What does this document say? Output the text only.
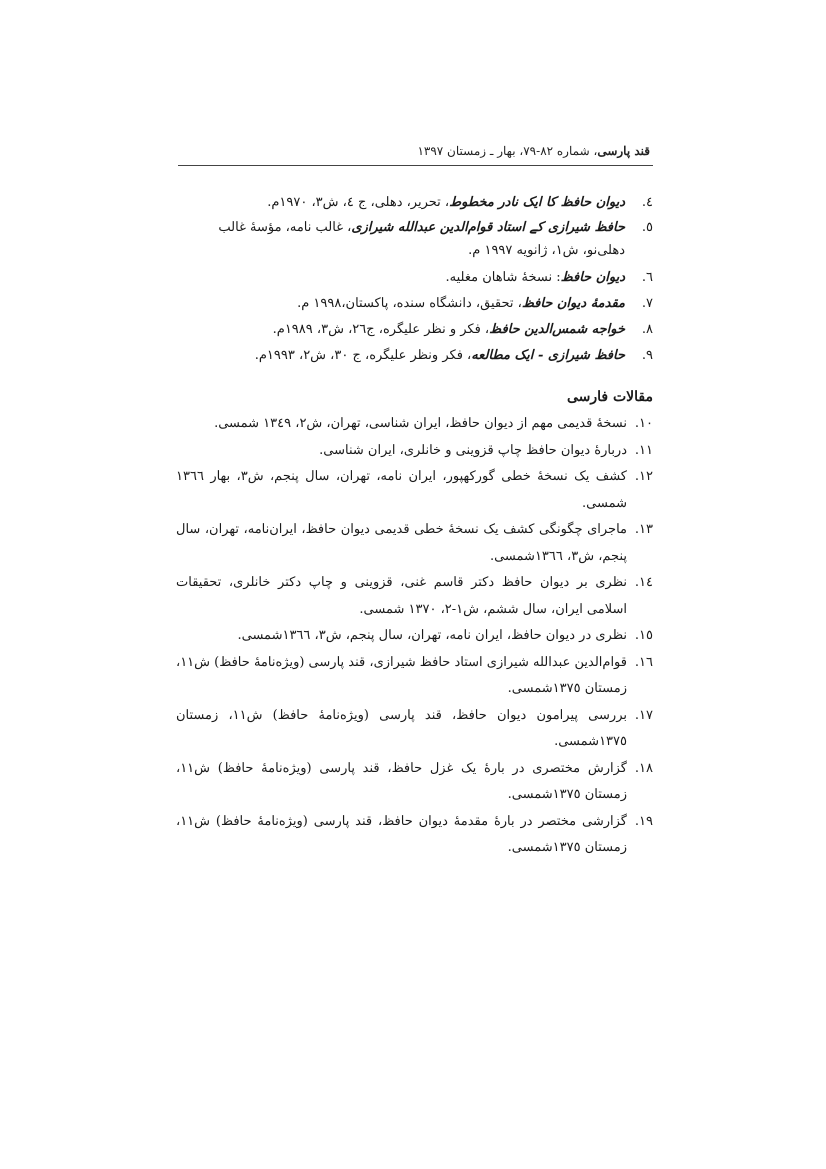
قند پارسی، شماره ۸۲-۷۹، بهار ـ زمستان ۱۳۹۷
٤.
دیوان حافظ کا ایک نادر مخطوط، تحریر، دهلی، ج ٤، ش۳، ۱۹۷۰م.
٥.
حافظ شیرازی کے استاد قوام‌الدین عبدالله شیرازی، غالب نامه، مؤسهٔ غالب دهلی‌نو، ش۱، ژانویه ۱۹۹۷ م.
٦.
دیوان حافظ: نسخهٔ شاهان مغلیه.
٧.
مقدمهٔ دیوان حافظ، تحقیق، دانشگاه سنده، پاکستان،۱۹۹۸ م.
٨.
خواجه شمس‌الدین حافظ، فکر و نظر علیگره، ج۲٦، ش۳، ۱۹۸۹م.
٩.
حافظ شیرازی - ایک مطالعه، فکر ونظر علیگره، ج ۳۰، ش۲، ۱۹۹۳م.
مقالات فارسی
١٠.
نسخهٔ قدیمی مهم از دیوان حافظ، ایران شناسی، تهران، ش۲، ١٣٤٩ شمسی.
١١.
دربارهٔ دیوان حافظ چاپ قزوینی و خانلری، ایران شناسی.
١٢.
کشف یک نسخهٔ خطی گورکهپور، ایران نامه، تهران، سال پنجم، ش۳، بهار ١٣٦٦ شمسی.
١٣.
ماجرای چگونگی کشف یک نسخهٔ خطی قدیمی دیوان حافظ، ایران‌نامه، تهران، سال پنجم، ش۳، ١٣٦٦شمسی.
١٤.
نظری بر دیوان حافظ دکتر قاسم غنی، قزوینی و چاپ دکتر خانلری، تحقیقات اسلامی ایران، سال ششم، ش۱-۲، ١٣٧٠ شمسی.
١٥.
نظری در دیوان حافظ، ایران نامه، تهران، سال پنجم، ش۳، ١٣٦٦شمسی.
١٦.
قوام‌الدین عبدالله شیرازی استاد حافظ شیرازی، قند پارسی (ویژه‌نامهٔ حافظ) ش١١، زمستان ١٣٧٥شمسی.
١٧.
بررسی پیرامون دیوان حافظ، قند پارسی (ویژه‌نامهٔ حافظ) ش١١، زمستان ١٣٧٥شمسی.
١٨.
گزارش مختصری در بارهٔ یک غزل حافظ، قند پارسی (ویژه‌نامهٔ حافظ) ش١١، زمستان ١٣٧٥شمسی.
١٩.
گزارشی مختصر در بارهٔ مقدمهٔ دیوان حافظ، قند پارسی (ویژه‌نامهٔ حافظ) ش١١، زمستان ١٣٧٥شمسی.
